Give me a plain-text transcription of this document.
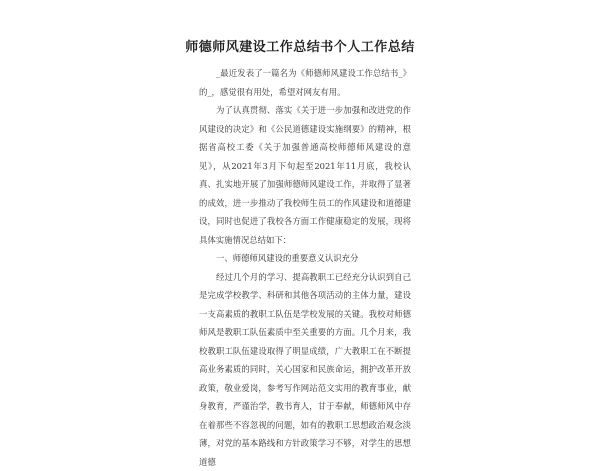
师德师风建设工作总结书个人工作总结

_最近发表了一篇名为《师德师风建设工作总结书_》的_，感觉很有用处，希望对网友有用。

为了认真贯彻、落实《关于进一步加强和改进党的作风建设的决定》和《公民道德建设实施纲要》的精神，根据省高校工委《关于加强普通高校师德师风建设的意见》，从2021年3月下旬起至2021年11月底，我校认真、扎实地开展了加强师德师风建设工作，并取得了显著的成效，进一步推动了我校师生员工的作风建设和道德建设，同时也促进了我校各方面工作健康稳定的发展，现将具体实施情况总结如下：

一、师德师风建设的重要意义认识充分

经过几个月的学习、提高教职工已经充分认识到自己是完成学校教学、科研和其他各项活动的主体力量，建设一支高素质的教职工队伍是学校发展的关键。我校对师德师风是教职工队伍素质中至关重要的方面。几个月来，我校教职工队伍建设取得了明显成绩，广大教职工在不断提高业务素质的同时，关心国家和民族命运，拥护改革开放政策，敬业爱岗，参考写作网站范文实用的教育事业，献身教育，严谨治学，教书育人，甘于奉献，师德师风中存在着那些不容忽视的问题，如有的教职工思想政治观念淡薄，对党的基本路线和方针政策学习不够，对学生的思想道德
